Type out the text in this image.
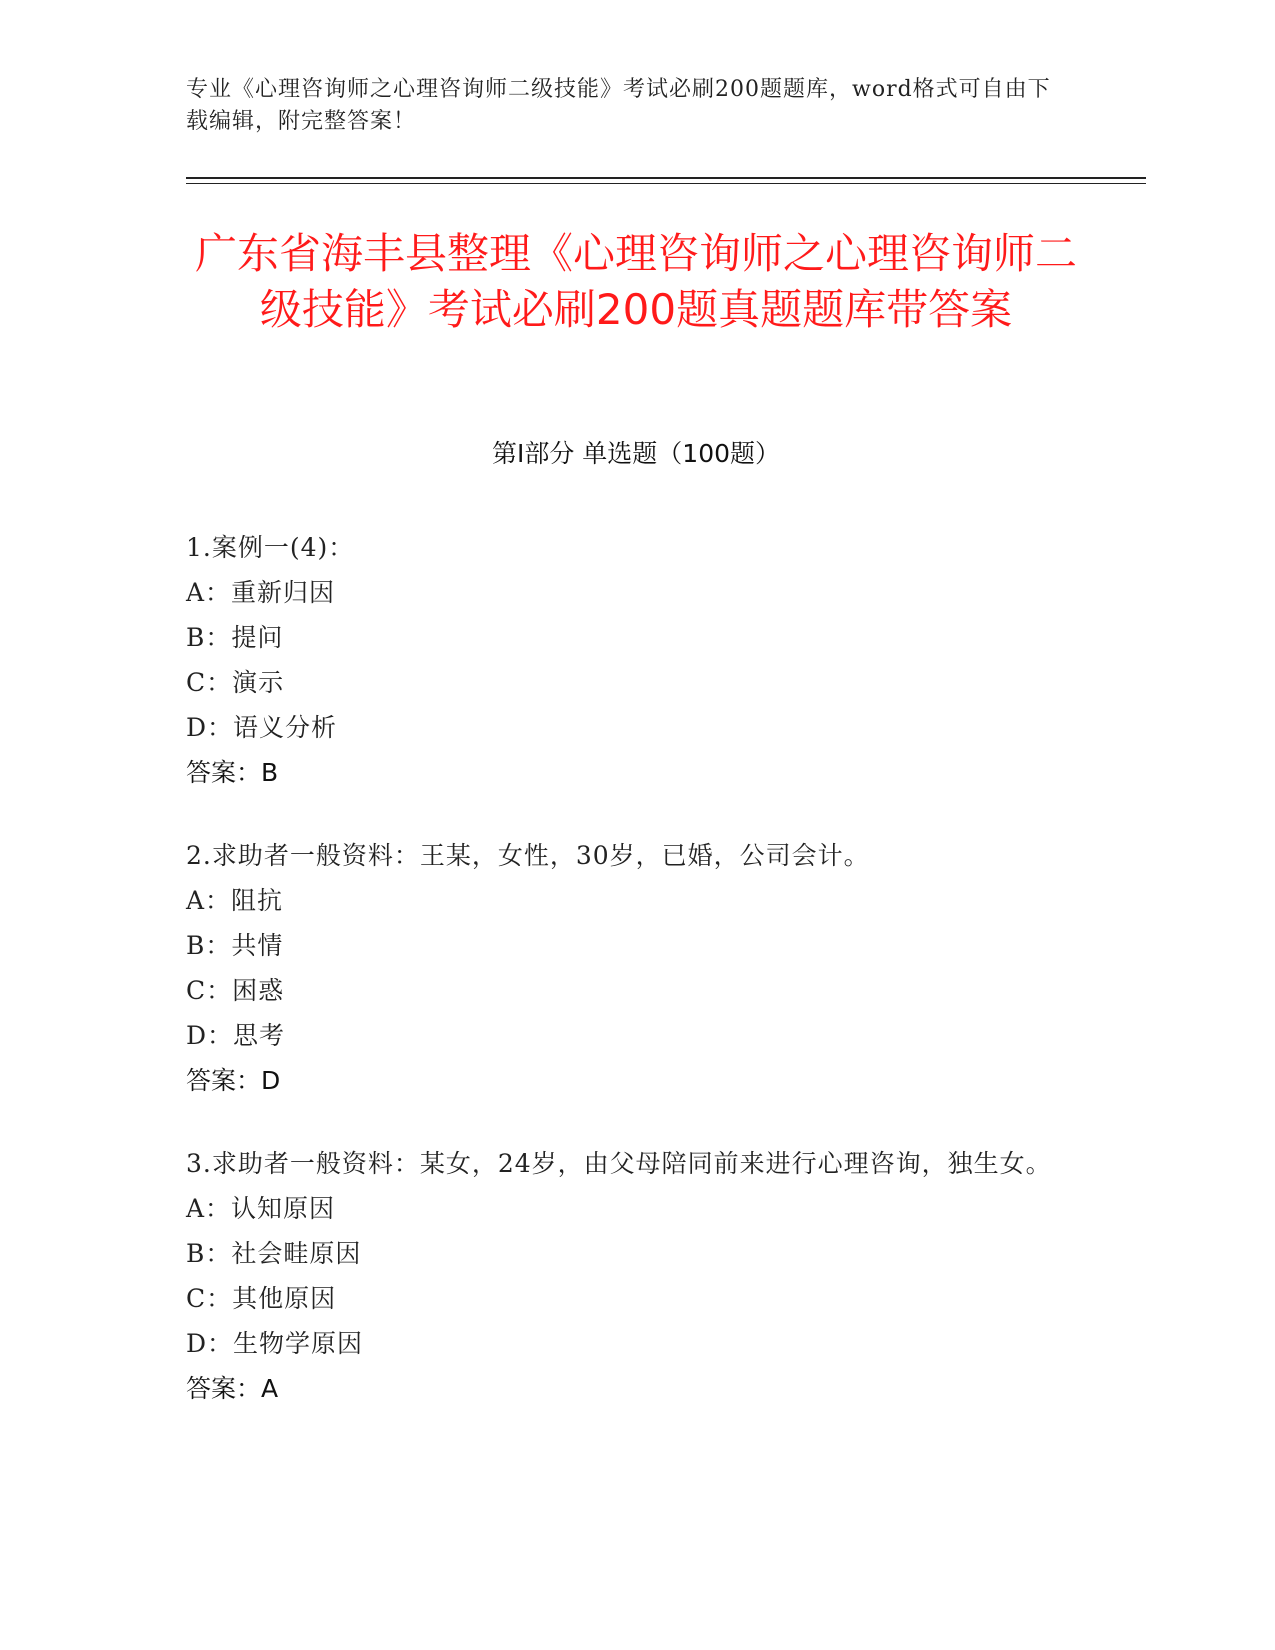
专业《心理咨询师之心理咨询师二级技能》考试必刷200题题库，word格式可自由下载编辑，附完整答案！
广东省海丰县整理《心理咨询师之心理咨询师二级技能》考试必刷200题真题题库带答案
第Ⅰ部分 单选题（100题）
1.案例一(4)：
A：重新归因
B：提问
C：演示
D：语义分析
答案：B
2.求助者一般资料：王某，女性，30岁，已婚，公司会计。
A：阻抗
B：共情
C：困惑
D：思考
答案：D
3.求助者一般资料：某女，24岁，由父母陪同前来进行心理咨询，独生女。
A：认知原因
B：社会畦原因
C：其他原因
D：生物学原因
答案：A
